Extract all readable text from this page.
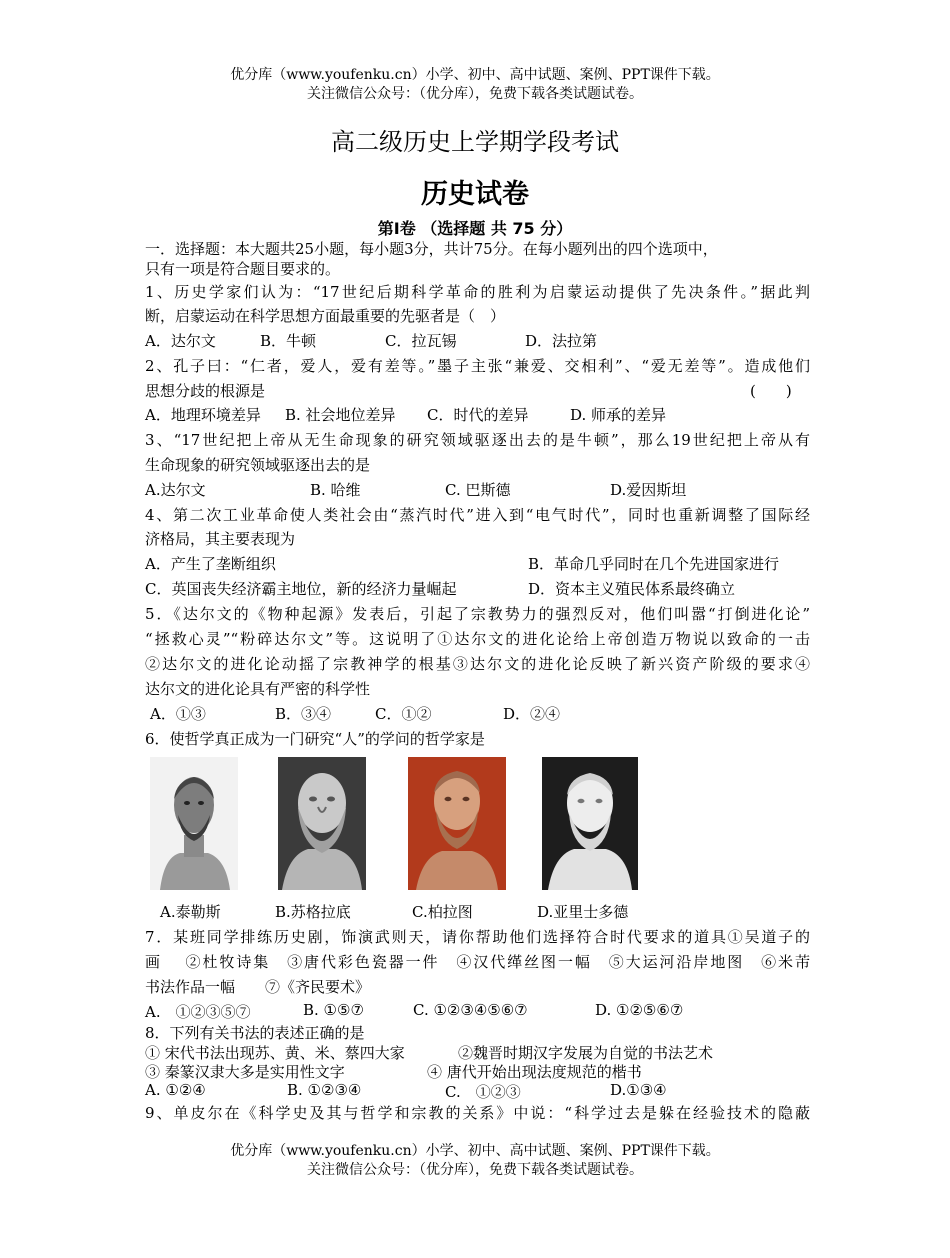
优分库（www.youfenku.cn）小学、初中、高中试题、案例、PPT课件下载。
关注微信公众号：（优分库），免费下载各类试题试卷。
高二级历史上学期学段考试
历史试卷
第Ⅰ卷 （选择题 共 75 分）
一．选择题：本大题共25小题，每小题3分，共计75分。在每小题列出的四个选项中，
只有一项是符合题目要求的。
1、历史学家们认为：“17世纪后期科学革命的胜利为启蒙运动提供了先决条件。”据此判
断，启蒙运动在科学思想方面最重要的先驱者是（　）
A．达尔文	B．牛顿	C．拉瓦锡	D．法拉第
2、孔子曰：“仁者，爱人，爱有差等。”墨子主张“兼爱、交相利”、“爱无差等”。造成他们
思想分歧的根源是	(　　)
A．地理环境差异 B. 社会地位差异 C．时代的差异	D. 师承的差异
3、“17世纪把上帝从无生命现象的研究领域驱逐出去的是牛顿”，那么19世纪把上帝从有
生命现象的研究领域驱逐出去的是
A.达尔文	B. 哈维	C. 巴斯德	D.爱因斯坦
4、第二次工业革命使人类社会由“蒸汽时代”进入到“电气时代”，同时也重新调整了国际经
济格局，其主要表现为
A．产生了垄断组织	B．革命几乎同时在几个先进国家进行
C．英国丧失经济霸主地位，新的经济力量崛起	D．资本主义殖民体系最终确立
5．《达尔文的《物种起源》发表后，引起了宗教势力的强烈反对，他们叫嚣“打倒进化论”
“拯救心灵”“粉碎达尔文”等。这说明了①达尔文的进化论给上帝创造万物说以致命的一击
②达尔文的进化论动摇了宗教神学的根基③达尔文的进化论反映了新兴资产阶级的要求④
达尔文的进化论具有严密的科学性
A．①③	B．③④	C．①②	D．②④
6．使哲学真正成为一门研究“人”的学问的哲学家是
A.泰勒斯	B.苏格拉底	C.柏拉图	D.亚里士多德
7．某班同学排练历史剧，饰演武则天，请你帮助他们选择符合时代要求的道具①吴道子的
画　 ②杜牧诗集　③唐代彩色瓷器一件　④汉代缂丝图一幅　⑤大运河沿岸地图　⑥米芾
书法作品一幅　　⑦《齐民要术》
A.　①②③⑤⑦	B. ①⑤⑦	C. ①②③④⑤⑥⑦	D. ①②⑤⑥⑦
8．下列有关书法的表述正确的是
① 宋代书法出现苏、黄、米、蔡四大家	②魏晋时期汉字发展为自觉的书法艺术
③ 秦篆汉隶大多是实用性文字	④ 唐代开始出现法度规范的楷书
A. ①②④	B. ①②③④	C.　①②③	D.①③④
9、单皮尔在《科学史及其与哲学和宗教的关系》中说：“科学过去是躲在经验技术的隐蔽
优分库（www.youfenku.cn）小学、初中、高中试题、案例、PPT课件下载。
关注微信公众号：（优分库），免费下载各类试题试卷。
